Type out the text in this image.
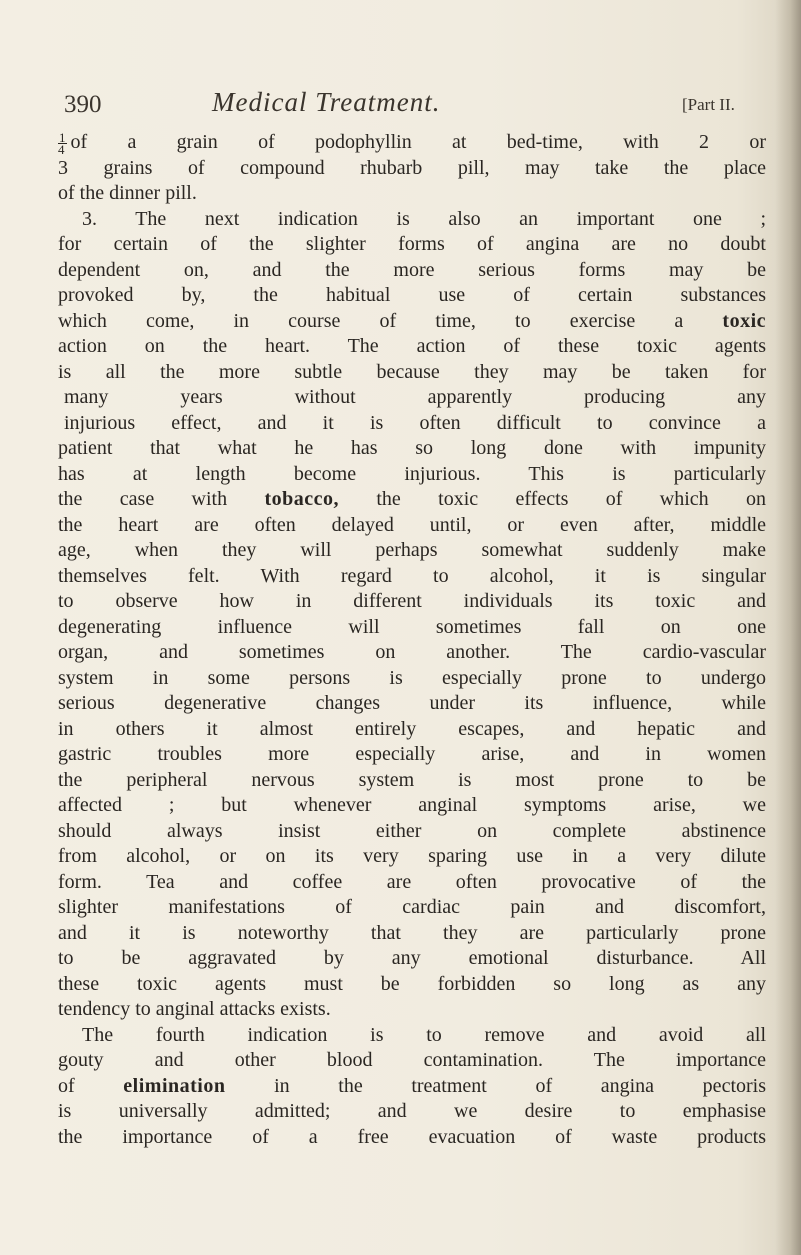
390	Medical Treatment.	[Part II.
$\frac{1}{4}$ of a grain of podophyllin at bed-time, with 2 or
3 grains of compound rhubarb pill, may take the place
of the dinner pill.
3. The next indication is also an important one ;
for certain of the slighter forms of angina are no doubt
dependent on, and the more serious forms may be
provoked by, the habitual use of certain substances
which come, in course of time, to exercise a toxic
action on the heart. The action of these toxic agents
is all the more subtle because they may be taken for
many years without apparently producing any
injurious effect, and it is often difficult to convince a
patient that what he has so long done with impunity
has at length become injurious. This is particularly
the case with tobacco, the toxic effects of which on
the heart are often delayed until, or even after, middle
age, when they will perhaps somewhat suddenly make
themselves felt. With regard to alcohol, it is singular
to observe how in different individuals its toxic and
degenerating influence will sometimes fall on one
organ, and sometimes on another. The cardio-vascular
system in some persons is especially prone to undergo
serious degenerative changes under its influence, while
in others it almost entirely escapes, and hepatic and
gastric troubles more especially arise, and in women
the peripheral nervous system is most prone to be
affected ; but whenever anginal symptoms arise, we
should always insist either on complete abstinence
from alcohol, or on its very sparing use in a very dilute
form. Tea and coffee are often provocative of the
slighter manifestations of cardiac pain and discomfort,
and it is noteworthy that they are particularly prone
to be aggravated by any emotional disturbance. All
these toxic agents must be forbidden so long as any
tendency to anginal attacks exists.
The fourth indication is to remove and avoid all
gouty and other blood contamination. The importance
of elimination in the treatment of angina pectoris
is universally admitted; and we desire to emphasise
the importance of a free evacuation of waste products
